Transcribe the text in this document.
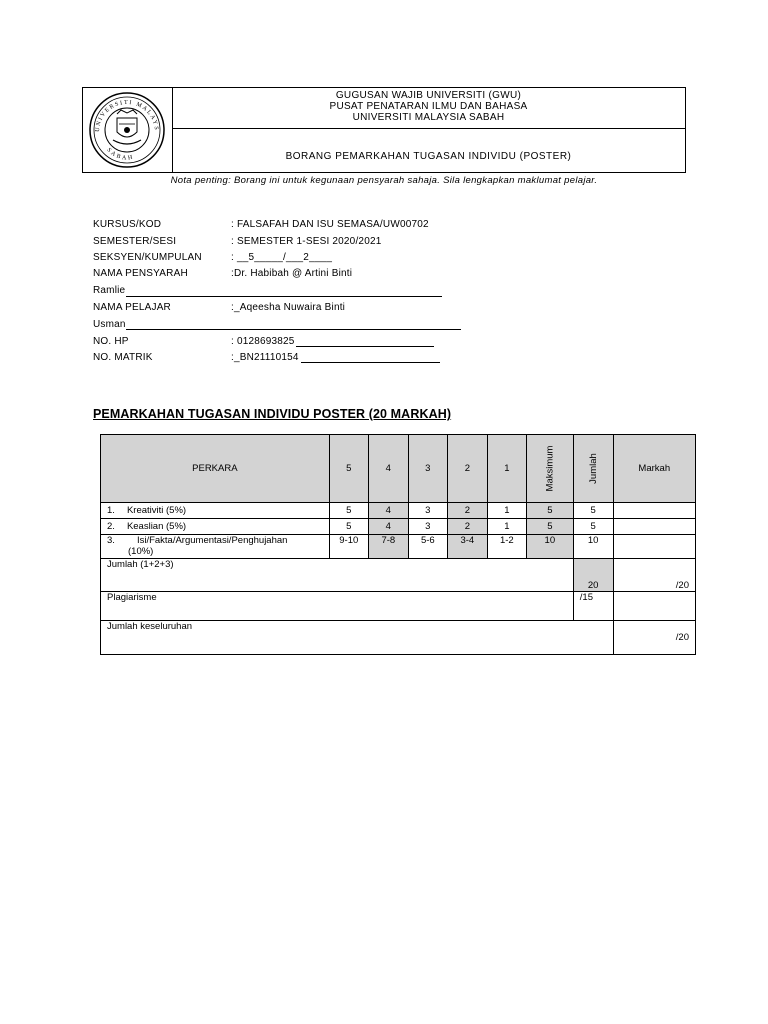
UNIVERSITI MALAYS
SABAH
GUGUSAN WAJIB UNIVERSITI (GWU)
PUSAT PENATARAN ILMU DAN BAHASA
UNIVERSITI MALAYSIA SABAH
BORANG PEMARKAHAN TUGASAN INDIVIDU (POSTER)
Nota penting: Borang ini untuk kegunaan pensyarah sahaja. Sila lengkapkan maklumat pelajar.
KURSUS/KOD	: FALSAFAH DAN ISU SEMASA/UW00702
SEMESTER/SESI	: SEMESTER 1-SESI 2020/2021
SEKSYEN/KUMPULAN	: __5_____/___2____
NAMA PENSYARAH	:Dr. Habibah @ Artini Binti
Ramlie
NAMA PELAJAR	:_Aqeesha Nuwaira Binti
Usman
NO. HP	: 0128693825
NO. MATRIK	:_BN21110154
PEMARKAHAN TUGASAN INDIVIDU POSTER (20 MARKAH)
PERKARA	5	4	3	2	1	Maksimum	Jumlah	Markah
1. Kreativiti (5%)	5	4	3	2	1	5	5	
2. Keaslian (5%)	5	4	3	2	1	5	5	
3. Isi/Fakta/Argumentasi/Penghujahan
(10%)	9-10	7-8	5-6	3-4	1-2	10	10	
Jumlah (1+2+3)							20	/20
Plagiarisme							/15	
Jumlah keseluruhan								/20
